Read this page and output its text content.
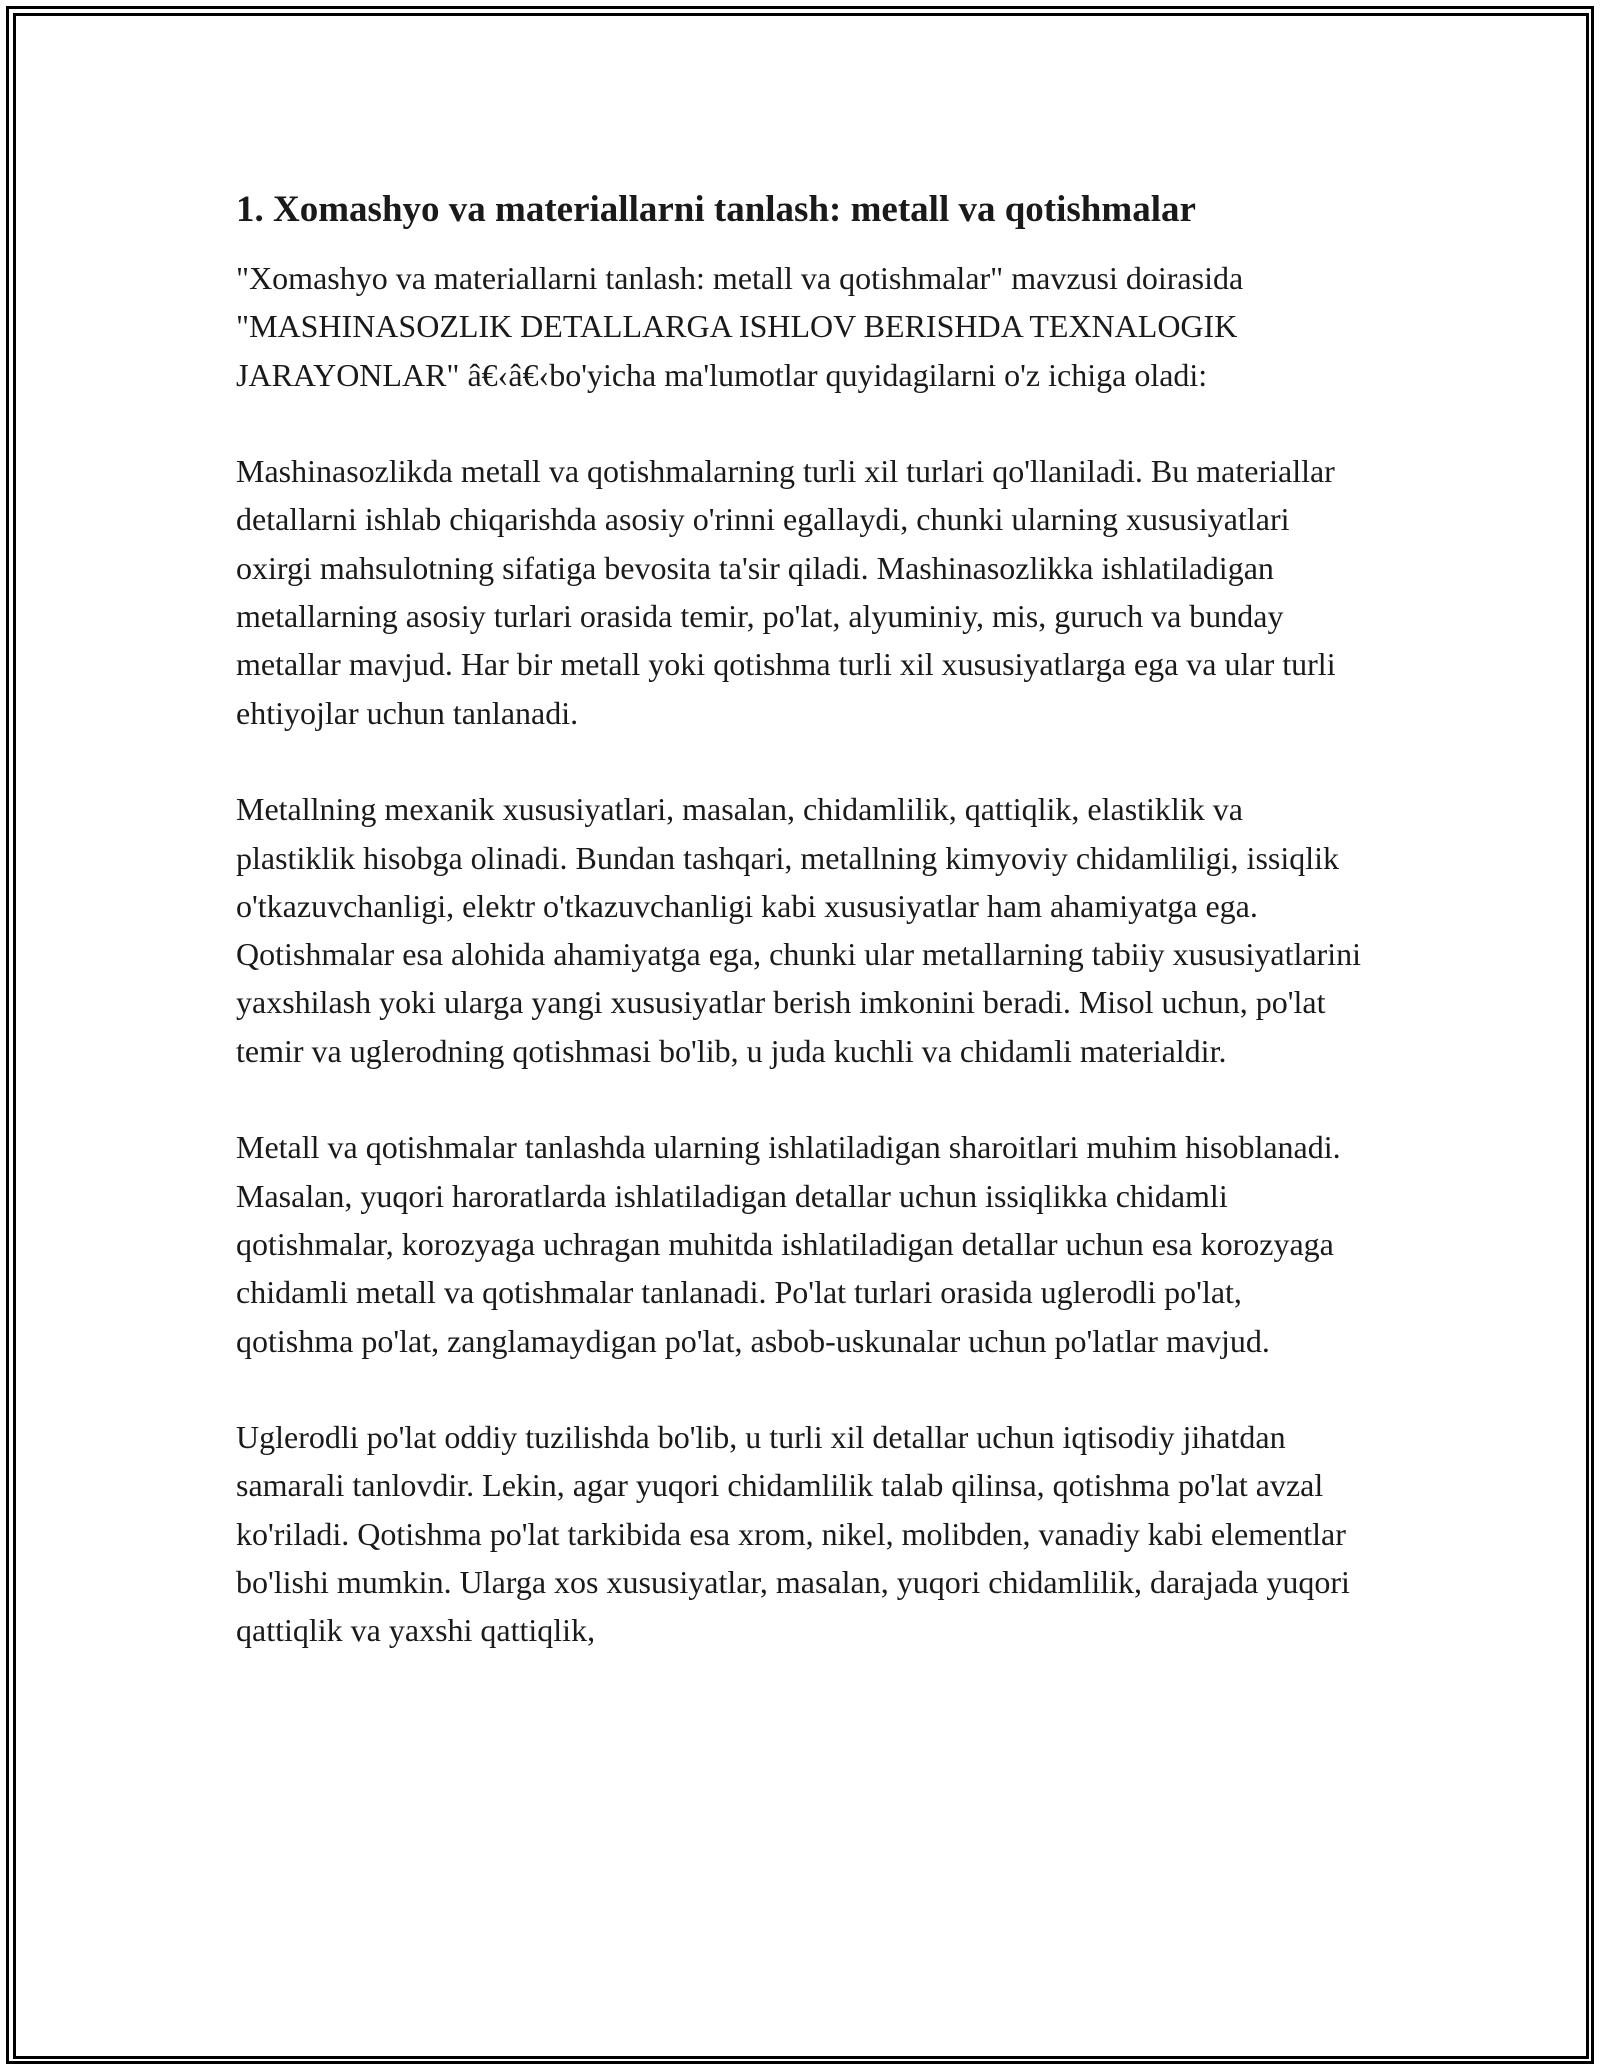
1. Xomashyo va materiallarni tanlash: metall va qotishmalar

"Xomashyo va materiallarni tanlash: metall va qotishmalar" mavzusi doirasida "MASHINASOZLIK DETALLARGA ISHLOV BERISHDA TEXNALOGIK JARAYONLAR" â€‹â€‹bo'yicha ma'lumotlar quyidagilarni o'z ichiga oladi:

Mashinasozlikda metall va qotishmalarning turli xil turlari qo'llaniladi. Bu materiallar detallarni ishlab chiqarishda asosiy o'rinni egallaydi, chunki ularning xususiyatlari oxirgi mahsulotning sifatiga bevosita ta'sir qiladi. Mashinasozlikka ishlatiladigan metallarning asosiy turlari orasida temir, po'lat, alyuminiy, mis, guruch va bunday metallar mavjud. Har bir metall yoki qotishma turli xil xususiyatlarga ega va ular turli ehtiyojlar uchun tanlanadi.

Metallning mexanik xususiyatlari, masalan, chidamlilik, qattiqlik, elastiklik va plastiklik hisobga olinadi. Bundan tashqari, metallning kimyoviy chidamliligi, issiqlik o'tkazuvchanligi, elektr o'tkazuvchanligi kabi xususiyatlar ham ahamiyatga ega. Qotishmalar esa alohida ahamiyatga ega, chunki ular metallarning tabiiy xususiyatlarini yaxshilash yoki ularga yangi xususiyatlar berish imkonini beradi. Misol uchun, po'lat temir va uglerodning qotishmasi bo'lib, u juda kuchli va chidamli materialdir.

Metall va qotishmalar tanlashda ularning ishlatiladigan sharoitlari muhim hisoblanadi. Masalan, yuqori haroratlarda ishlatiladigan detallar uchun issiqlikka chidamli qotishmalar, korozyaga uchragan muhitda ishlatiladigan detallar uchun esa korozyaga chidamli metall va qotishmalar tanlanadi. Po'lat turlari orasida uglerodli po'lat, qotishma po'lat, zanglamaydigan po'lat, asbob-uskunalar uchun po'latlar mavjud.

Uglerodli po'lat oddiy tuzilishda bo'lib, u turli xil detallar uchun iqtisodiy jihatdan samarali tanlovdir. Lekin, agar yuqori chidamlilik talab qilinsa, qotishma po'lat avzal ko'riladi. Qotishma po'lat tarkibida esa xrom, nikel, molibden, vanadiy kabi elementlar bo'lishi mumkin. Ularga xos xususiyatlar, masalan, yuqori chidamlilik, darajada yuqori qattiqlik va yaxshi qattiqlik,
